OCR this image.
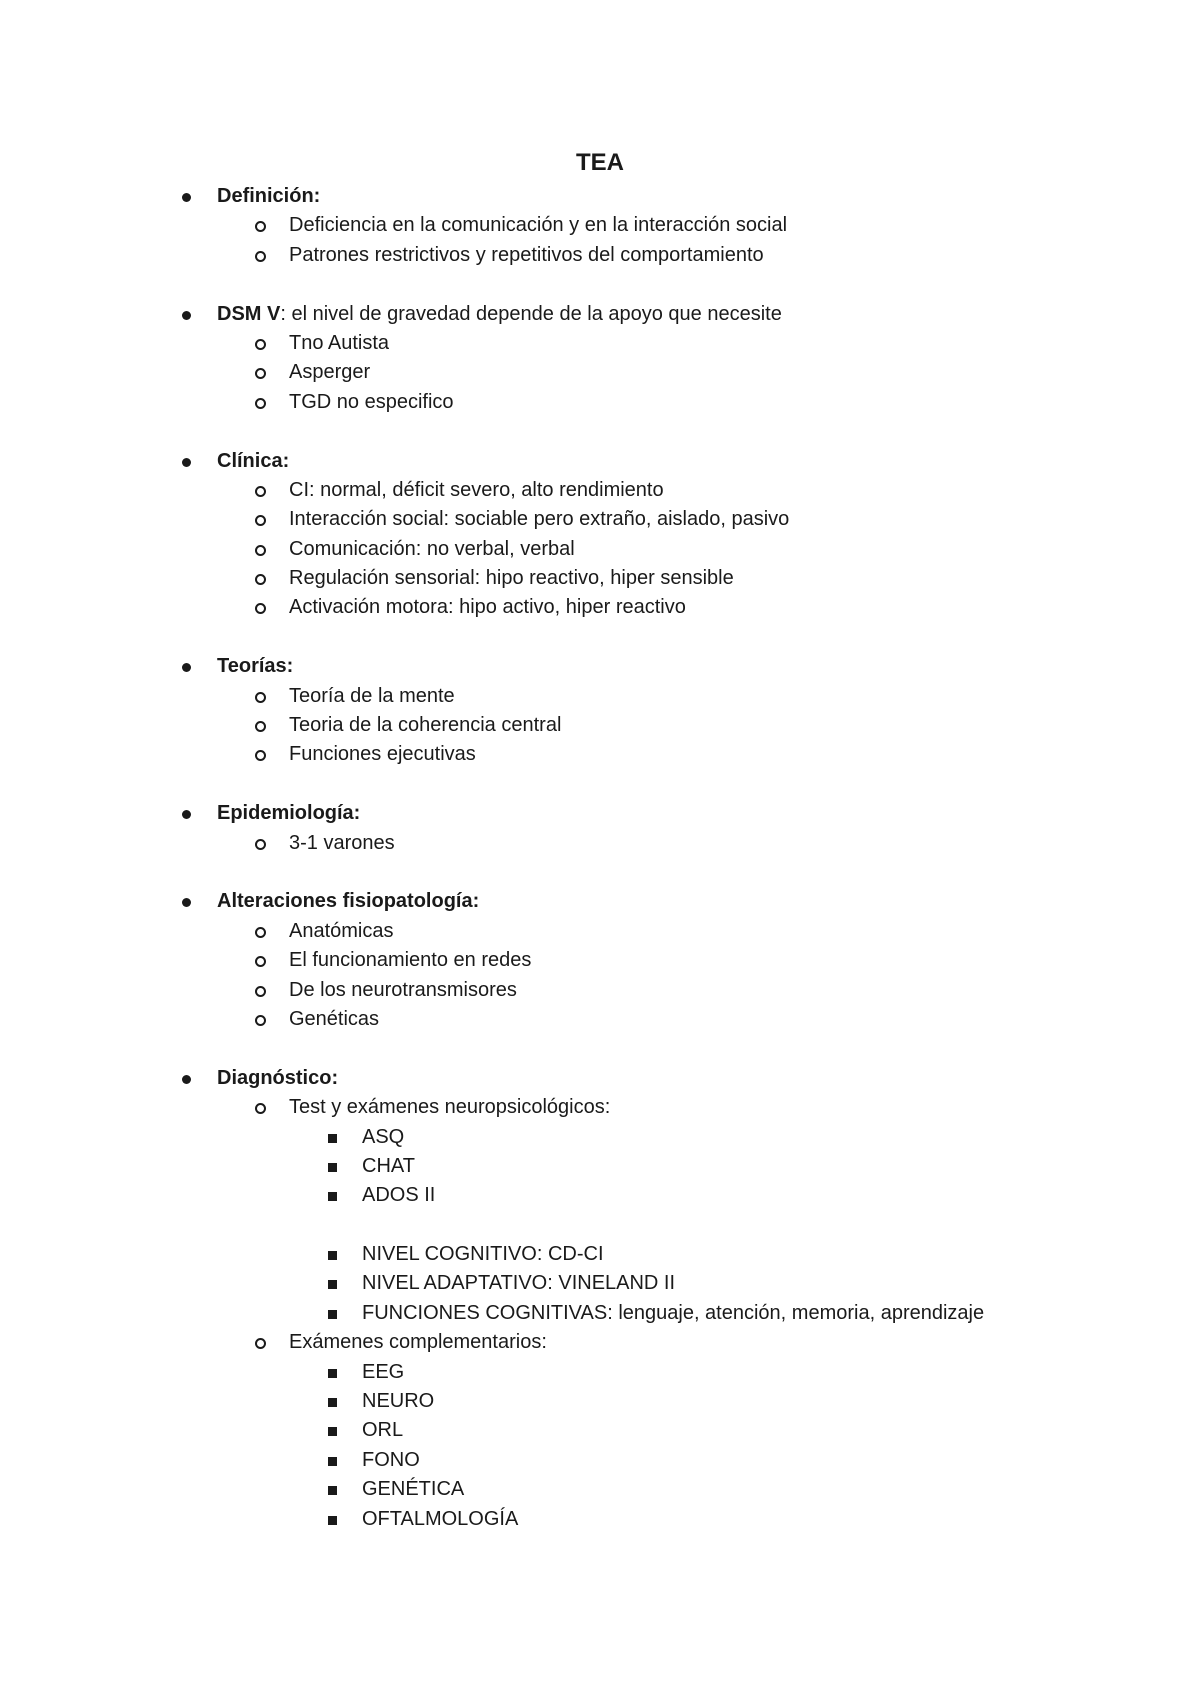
TEA
Definición:
Deficiencia en la comunicación y en la interacción social
Patrones restrictivos y repetitivos del comportamiento
DSM V: el nivel de gravedad depende de la apoyo que necesite
Tno Autista
Asperger
TGD no especifico
Clínica:
CI: normal, déficit severo, alto rendimiento
Interacción social: sociable pero extraño, aislado, pasivo
Comunicación: no verbal, verbal
Regulación sensorial: hipo reactivo, hiper sensible
Activación motora: hipo activo, hiper reactivo
Teorías:
Teoría de la mente
Teoria de la coherencia central
Funciones ejecutivas
Epidemiología:
3-1 varones
Alteraciones fisiopatología:
Anatómicas
El funcionamiento en redes
De los neurotransmisores
Genéticas
Diagnóstico:
Test y exámenes neuropsicológicos:
ASQ
CHAT
ADOS II
NIVEL COGNITIVO: CD-CI
NIVEL ADAPTATIVO: VINELAND II
FUNCIONES COGNITIVAS: lenguaje, atención, memoria, aprendizaje
Exámenes complementarios:
EEG
NEURO
ORL
FONO
GENÉTICA
OFTALMOLOGÍA
